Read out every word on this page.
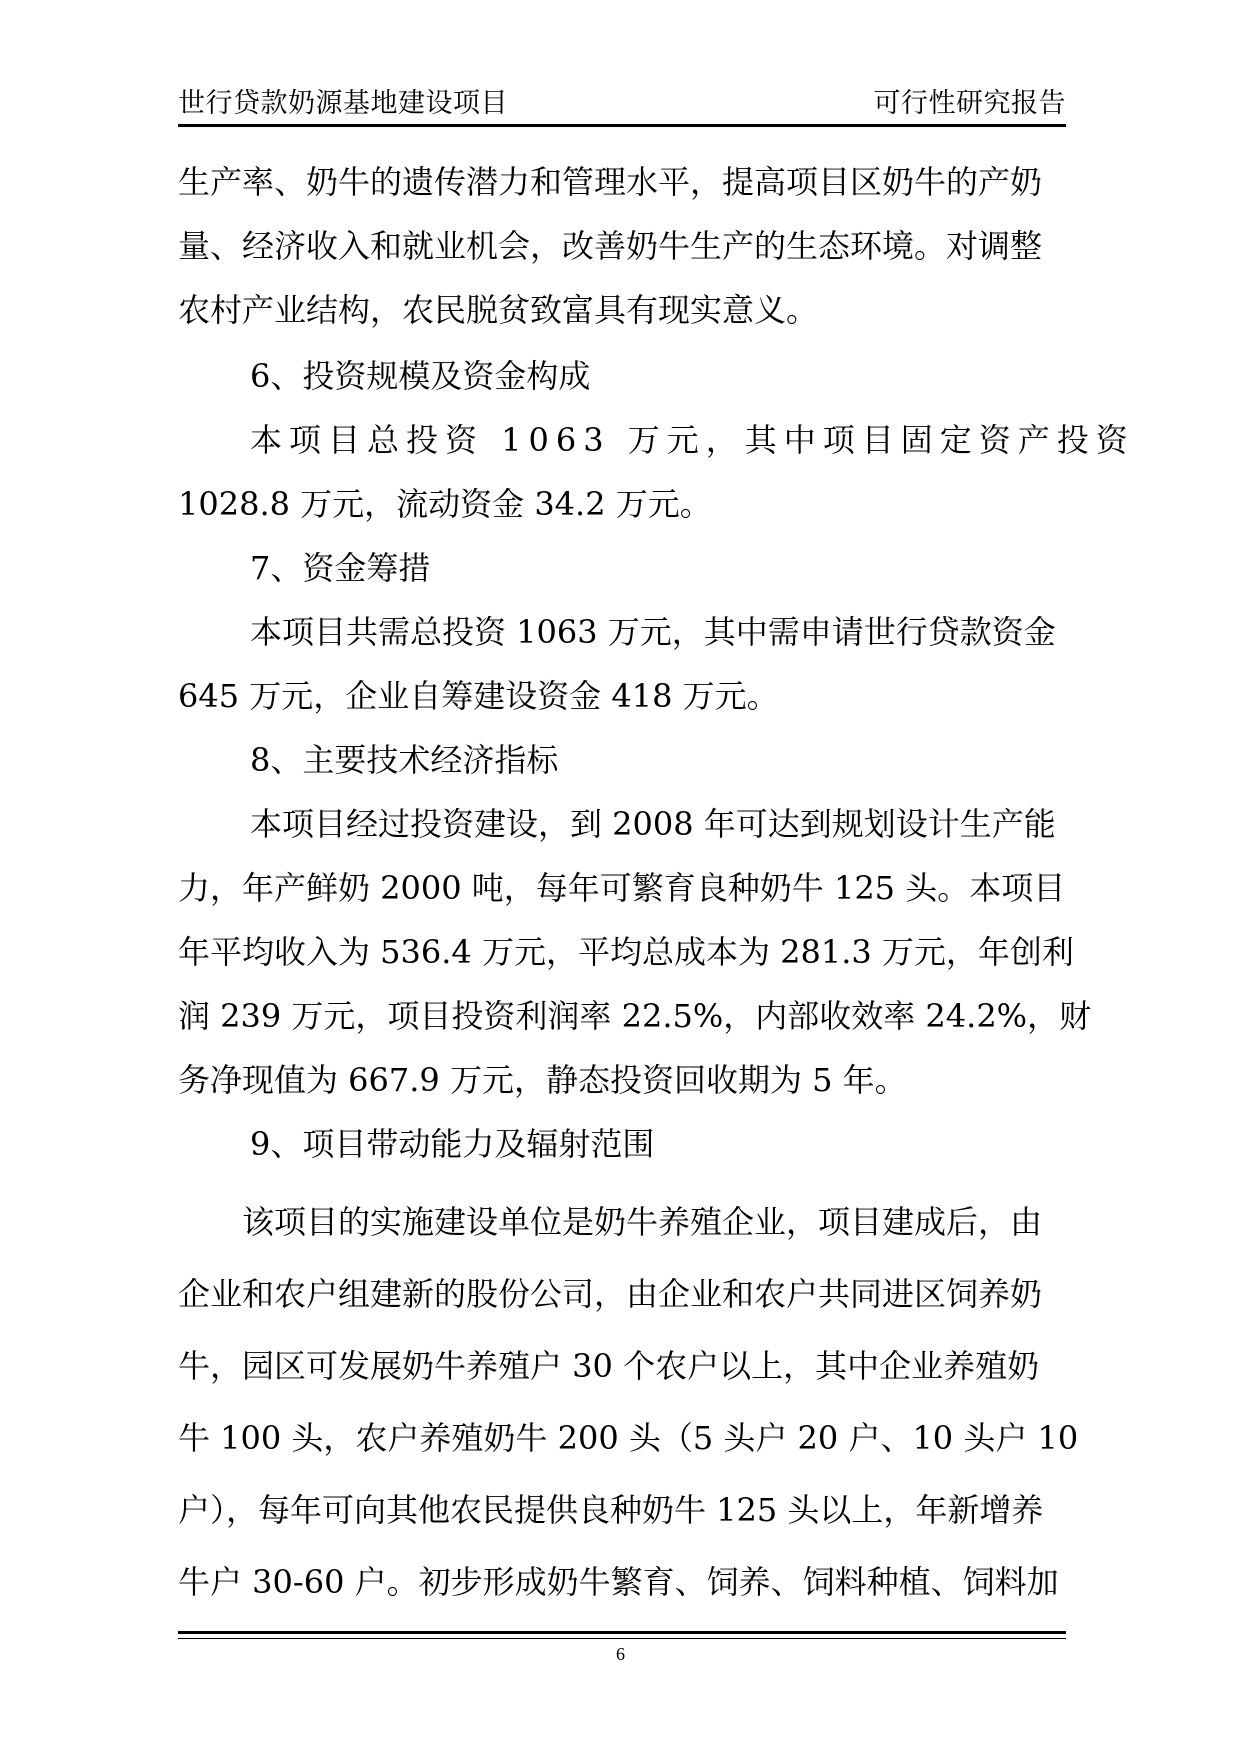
世行贷款奶源基地建设项目	可行性研究报告
生产率、奶牛的遗传潜力和管理水平，提高项目区奶牛的产奶
量、经济收入和就业机会，改善奶牛生产的生态环境。对调整
农村产业结构，农民脱贫致富具有现实意义。
6、投资规模及资金构成
本项目总投资 1063 万元，其中项目固定资产投资
1028.8 万元，流动资金 34.2 万元。
7、资金筹措
本项目共需总投资 1063 万元，其中需申请世行贷款资金
645 万元，企业自筹建设资金 418 万元。
8、主要技术经济指标
本项目经过投资建设，到 2008 年可达到规划设计生产能
力，年产鲜奶 2000 吨，每年可繁育良种奶牛 125 头。本项目
年平均收入为 536.4 万元，平均总成本为 281.3 万元，年创利
润 239 万元，项目投资利润率 22.5%，内部收效率 24.2%，财
务净现值为 667.9 万元，静态投资回收期为 5 年。
9、项目带动能力及辐射范围
该项目的实施建设单位是奶牛养殖企业，项目建成后，由
企业和农户组建新的股份公司，由企业和农户共同进区饲养奶
牛，园区可发展奶牛养殖户 30 个农户以上，其中企业养殖奶
牛 100 头，农户养殖奶牛 200 头（5 头户 20 户、10 头户 10
户），每年可向其他农民提供良种奶牛 125 头以上，年新增养
牛户 30-60 户。初步形成奶牛繁育、饲养、饲料种植、饲料加
6
